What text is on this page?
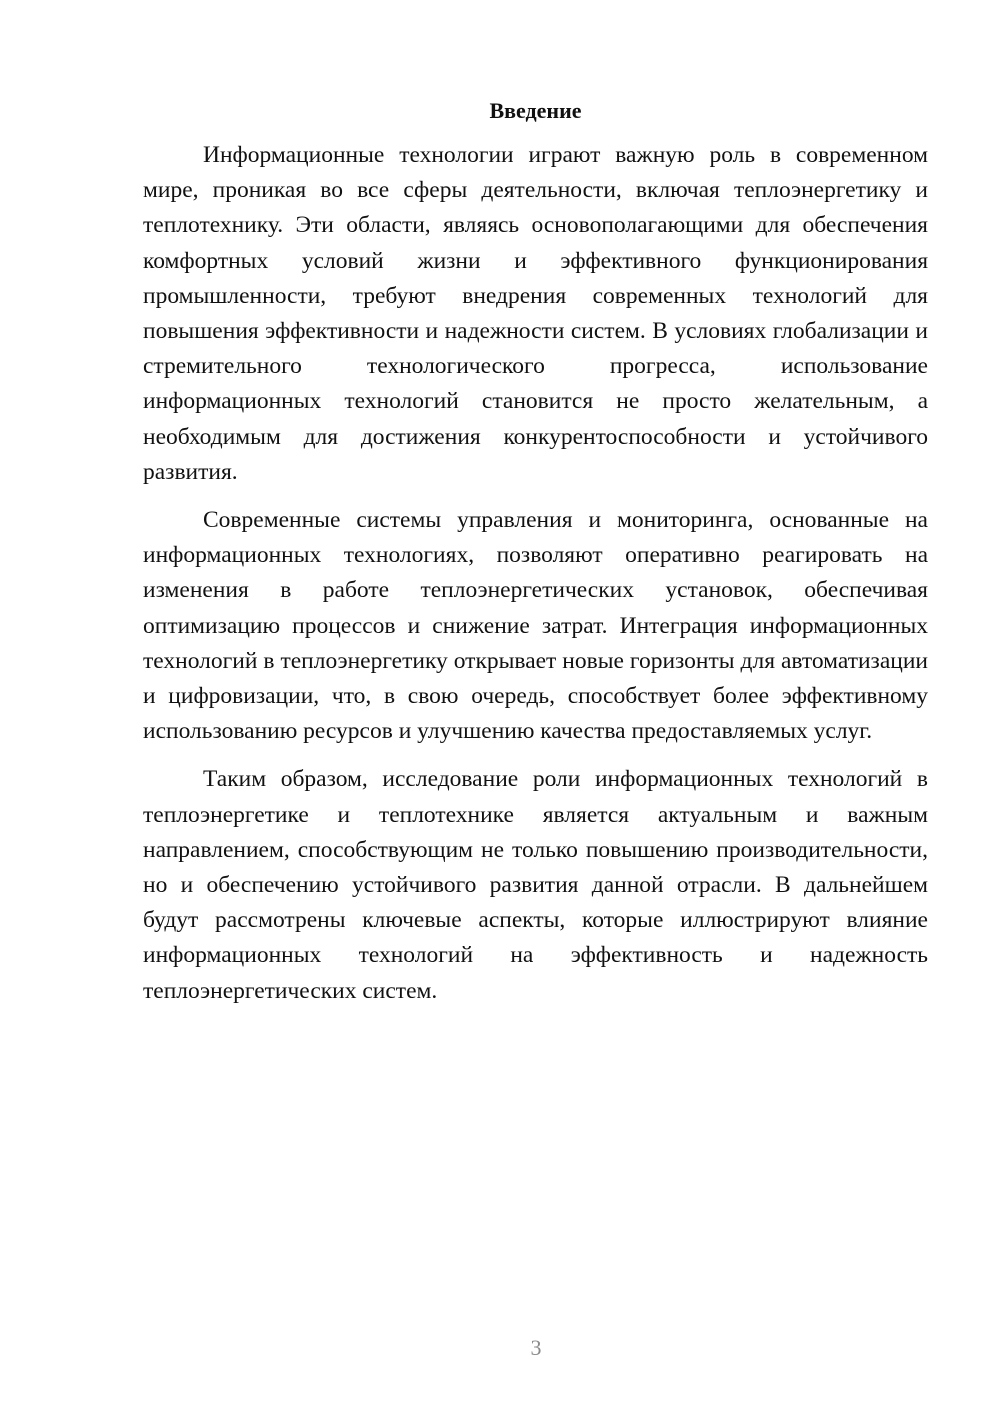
Введение

Информационные технологии играют важную роль в современном мире, проникая во все сферы деятельности, включая теплоэнергетику и теплотехнику. Эти области, являясь основополагающими для обеспечения комфортных условий жизни и эффективного функционирования промышленности, требуют внедрения современных технологий для повышения эффективности и надежности систем. В условиях глобализации и стремительного технологического прогресса, использование информационных технологий становится не просто желательным, а необходимым для достижения конкурентоспособности и устойчивого развития.

Современные системы управления и мониторинга, основанные на информационных технологиях, позволяют оперативно реагировать на изменения в работе теплоэнергетических установок, обеспечивая оптимизацию процессов и снижение затрат. Интеграция информационных технологий в теплоэнергетику открывает новые горизонты для автоматизации и цифровизации, что, в свою очередь, способствует более эффективному использованию ресурсов и улучшению качества предоставляемых услуг.

Таким образом, исследование роли информационных технологий в теплоэнергетике и теплотехнике является актуальным и важным направлением, способствующим не только повышению производительности, но и обеспечению устойчивого развития данной отрасли. В дальнейшем будут рассмотрены ключевые аспекты, которые иллюстрируют влияние информационных технологий на эффективность и надежность теплоэнергетических систем.

3
